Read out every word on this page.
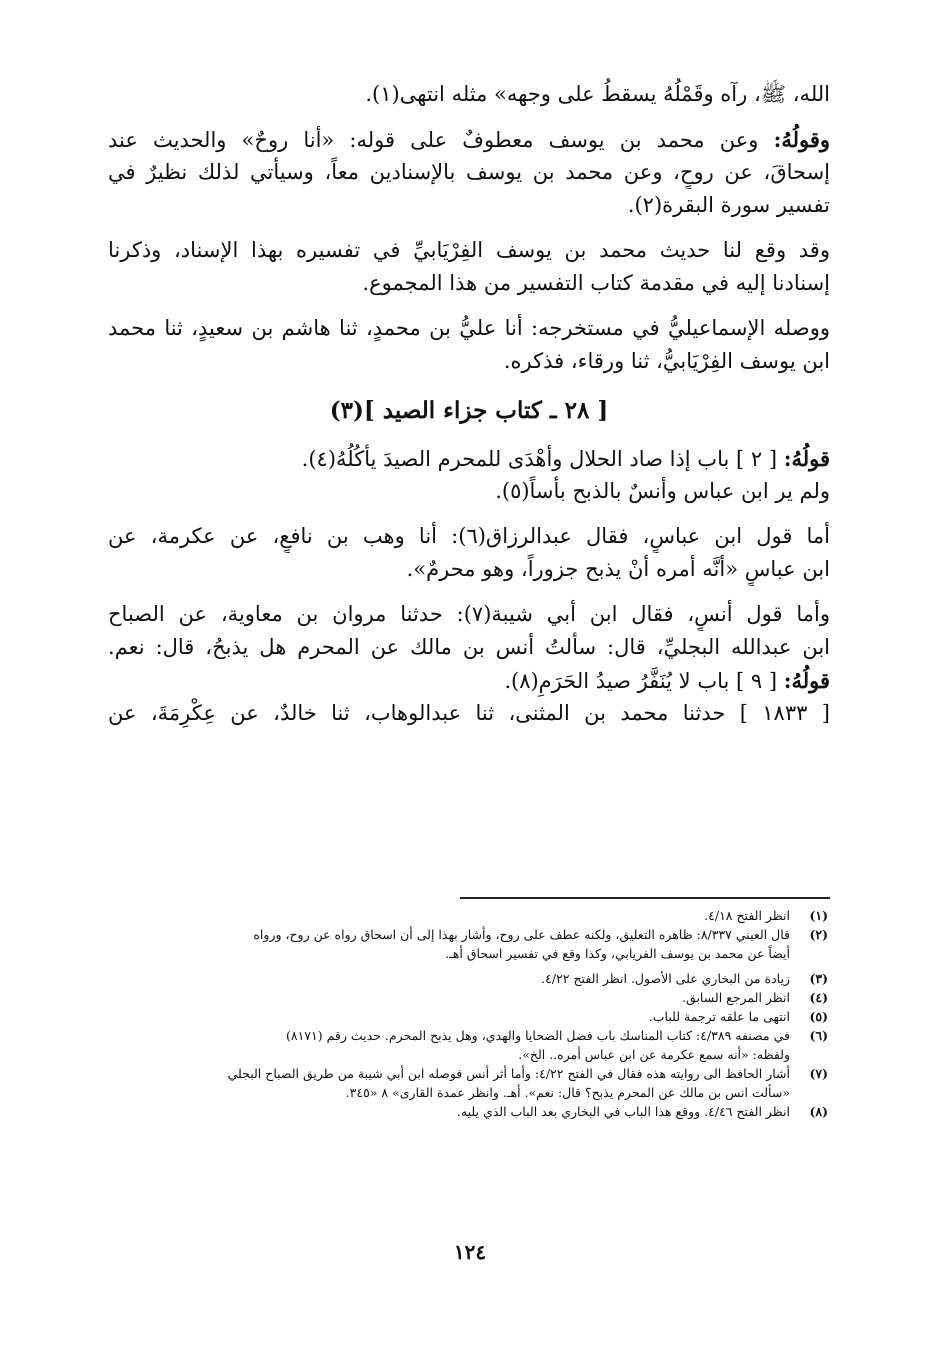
الله، ﷺ، رآه وقَمْلُهُ يسقطُ على وجهه» مثله انتهى(١).

وقولُهُ: وعن محمد بن يوسف معطوفٌ على قوله: «أنا روحٌ» والحديث عند

إسحاقَ، عن روحٍ، وعن محمد بن يوسف بالإسنادين معاً، وسيأتي لذلك نظيرٌ في

تفسير سورة البقرة(٢).

وقد وقع لنا حديث محمد بن يوسف الفِرْيَابيِّ في تفسيره بهذا الإسناد، وذكرنا

إسنادنا إليه في مقدمة كتاب التفسير من هذا المجموع.

ووصله الإسماعيليُّ في مستخرجه: أنا عليُّ بن محمدٍ، ثنا هاشم بن سعيدٍ، ثنا محمد

ابن يوسف الفِرْيَابيُّ، ثنا ورقاء، فذكره.

[ ٢٨ ـ كتاب جزاء الصيد ](٣)

قولُهُ: [ ٢ ] باب إذا صاد الحلال وأهْدَى للمحرم الصيدَ يأكُلُهُ(٤).

ولم ير ابن عباس وأنسٌ بالذبح بأساً(٥).

أما قول ابن عباسٍ، فقال عبدالرزاق(٦): أنا وهب بن نافعٍ، عن عكرمة، عن

ابن عباسٍ «أنَّه أمره أنْ يذبح جزوراً، وهو محرمٌ».

وأما قول أنسٍ، فقال ابن أبي شيبة(٧): حدثنا مروان بن معاوية، عن الصباح

ابن عبدالله البجليِّ، قال: سألتُ أنس بن مالك عن المحرم هل يذبحُ، قال: نعم.

قولُهُ: [ ٩ ] باب لا يُنَفَّرُ صيدُ الحَرَمِ(٨).

[ ١٨٣٣ ] حدثنا محمد بن المثنى، ثنا عبدالوهاب، ثنا خالدٌ، عن عِكْرِمَةَ، عن

(١)انظر الفتح ٤/١٨.

(٢)قال العيني ٨/٣٣٧: ظاهره التعليق، ولكنه عطف على روح، وأشار بهذا إلى أن اسحاق رواه عن روح، ورواه

أيضاً عن محمد بن يوسف الفريابي، وكذا وقع في تفسير اسحاق أهـ.

(٣)زيادة من البخاري على الأصول. انظر الفتح ٤/٢٢.

(٤)انظر المرجع السابق.

(٥)انتهى ما علقه ترجمة للباب.

(٦)في مصنفه ٤/٣٨٩: كتاب المناسك باب فضل الضحايا والهدي، وهل يذبح المحرم. حديث رقم (٨١٧١)

ولفظه: «أنه سمع عكرمة عن ابن عباس أمره.. الخ».

(٧)أشار الحافظ الى روايته هذه فقال في الفتح ٤/٢٢: وأما أثر أنس فوصله ابن أبي شيبة من طريق الصباح البجلي

«سألت انس بن مالك عن المحرم يذبح؟ قال: نعم». أهـ. وانظر عمدة القارى» ٨ «٣٤٥.

(٨)انظر الفتح ٤/٤٦. ووقع هذا الباب في البخاري بعد الباب الذي يليه.

١٢٤
